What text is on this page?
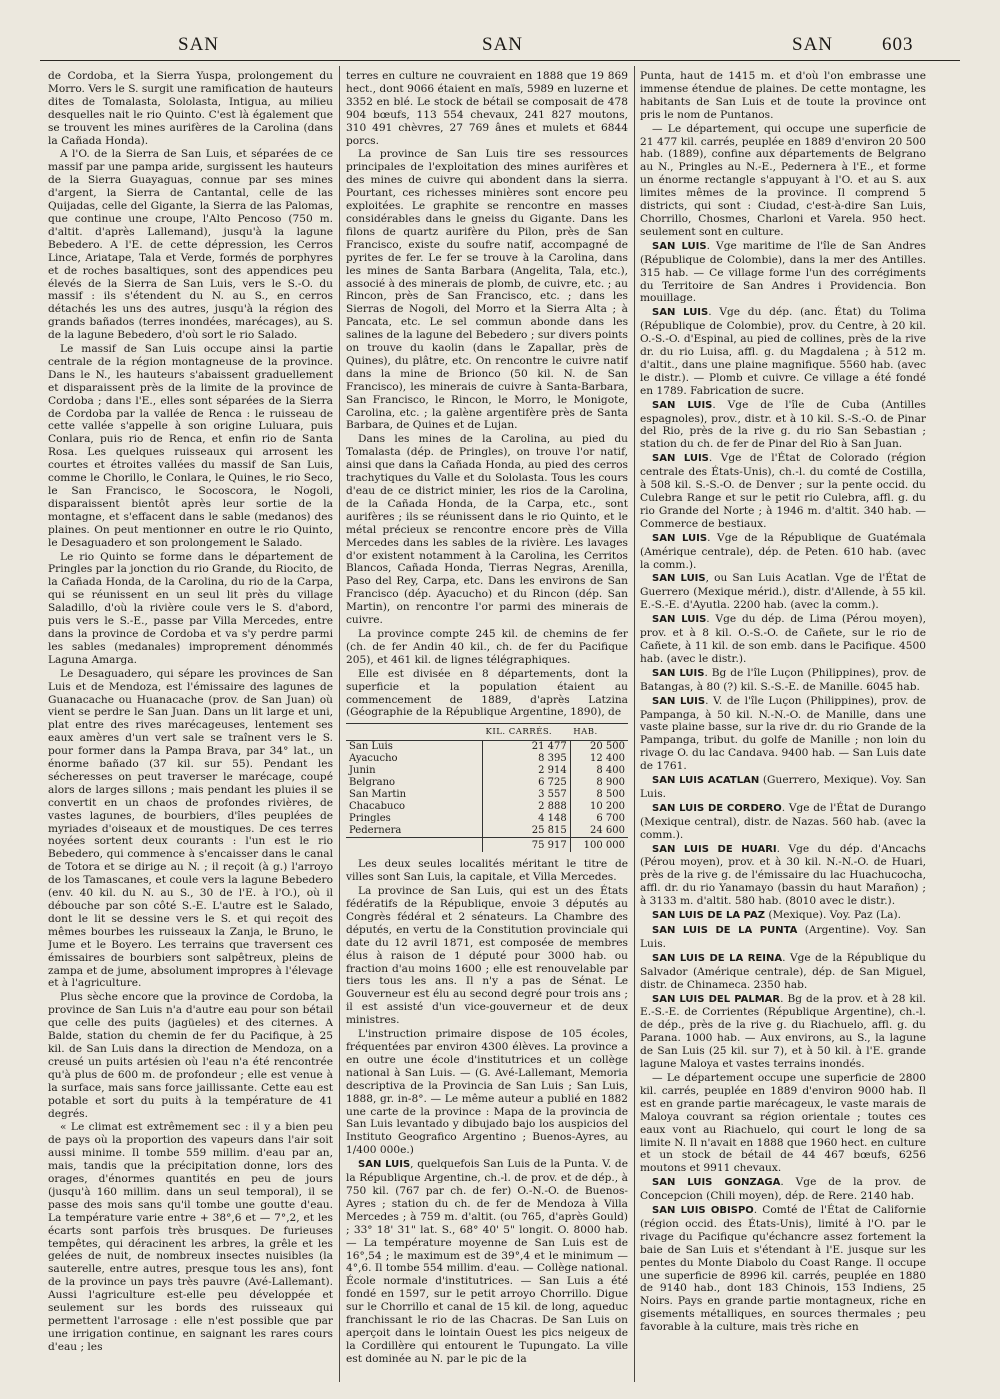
SAN	SAN	SAN	603

de Cordoba, et la Sierra Yuspa, prolongement du Morro. Vers le S. surgit une ramification de hauteurs dites de Tomalasta, Sololasta, Intigua, au milieu desquelles nait le rio Quinto. C'est là également que se trouvent les mines aurifères de la Carolina (dans la Cañada Honda).

A l'O. de la Sierra de San Luis, et séparées de ce massif par une pampa aride, surgissent les hauteurs de la Sierra Guayaguas, connue par ses mines d'argent, la Sierra de Cantantal, celle de las Quijadas, celle del Gigante, la Sierra de las Palomas, que continue une croupe, l'Alto Pencoso (750 m. d'altit. d'après Lallemand), jusqu'à la lagune Bebedero. A l'E. de cette dépression, les Cerros Lince, Ariatape, Tala et Verde, formés de porphyres et de roches basaltiques, sont des appendices peu élevés de la Sierra de San Luis, vers le S.-O. du massif : ils s'étendent du N. au S., en cerros détachés les uns des autres, jusqu'à la région des grands bañados (terres inondées, marécages), au S. de la lagune Bebedero, d'où sort le rio Salado.

Le massif de San Luis occupe ainsi la partie centrale de la région montagneuse de la province. Dans le N., les hauteurs s'abaissent graduellement et disparaissent près de la limite de la province de Cordoba ; dans l'E., elles sont séparées de la Sierra de Cordoba par la vallée de Renca : le ruisseau de cette vallée s'appelle à son origine Luluara, puis Conlara, puis rio de Renca, et enfin rio de Santa Rosa. Les quelques ruisseaux qui arrosent les courtes et étroites vallées du massif de San Luis, comme le Chorillo, le Conlara, le Quines, le rio Seco, le San Francisco, le Socoscora, le Nogoli, disparaissent bientôt après leur sortie de la montagne, et s'effacent dans le sable (medanos) des plaines. On peut mentionner en outre le rio Quinto, le Desaguadero et son prolongement le Salado.

Le rio Quinto se forme dans le département de Pringles par la jonction du rio Grande, du Riocito, de la Cañada Honda, de la Carolina, du rio de la Carpa, qui se réunissent en un seul lit près du village Saladillo, d'où la rivière coule vers le S. d'abord, puis vers le S.-E., passe par Villa Mercedes, entre dans la province de Cordoba et va s'y perdre parmi les sables (medanales) improprement dénommés Laguna Amarga.

Le Desaguadero, qui sépare les provinces de San Luis et de Mendoza, est l'émissaire des lagunes de Guanacache ou Huanacache (prov. de San Juan) où vient se perdre le San Juan. Dans un lit large et uni, plat entre des rives marécageuses, lentement ses eaux amères d'un vert sale se traînent vers le S. pour former dans la Pampa Brava, par 34° lat., un énorme bañado (37 kil. sur 55). Pendant les sécheresses on peut traverser le marécage, coupé alors de larges sillons ; mais pendant les pluies il se convertit en un chaos de profondes rivières, de vastes lagunes, de bourbiers, d'îles peuplées de myriades d'oiseaux et de moustiques. De ces terres noyées sortent deux courants : l'un est le rio Bebedero, qui commence à s'encaisser dans le canal de Totora et se dirige au N. ; il reçoit (à g.) l'arroyo de los Tamascanes, et coule vers la lagune Bebedero (env. 40 kil. du N. au S., 30 de l'E. à l'O.), où il débouche par son côté S.-E. L'autre est le Salado, dont le lit se dessine vers le S. et qui reçoit des mêmes bourbes les ruisseaux la Zanja, le Bruno, le Jume et le Boyero. Les terrains que traversent ces émissaires de bourbiers sont salpêtreux, pleins de zampa et de jume, absolument impropres à l'élevage et à l'agriculture.

Plus sèche encore que la province de Cordoba, la province de San Luis n'a d'autre eau pour son bétail que celle des puits (jagüeles) et des citernes. A Balde, station du chemin de fer du Pacifique, à 25 kil. de San Luis dans la direction de Mendoza, on a creusé un puits artésien où l'eau n'a été rencontrée qu'à plus de 600 m. de profondeur ; elle est venue à la surface, mais sans force jaillissante. Cette eau est potable et sort du puits à la température de 41 degrés.

« Le climat est extrêmement sec : il y a bien peu de pays où la proportion des vapeurs dans l'air soit aussi minime. Il tombe 559 millim. d'eau par an, mais, tandis que la précipitation donne, lors des orages, d'énormes quantités en peu de jours (jusqu'à 160 millim. dans un seul temporal), il se passe des mois sans qu'il tombe une goutte d'eau. La température varie entre + 38°,6 et — 7°,2, et les écarts sont parfois très brusques. De furieuses tempêtes, qui déracinent les arbres, la grêle et les gelées de nuit, de nombreux insectes nuisibles (la sauterelle, entre autres, presque tous les ans), font de la province un pays très pauvre (Avé-Lallemant). Aussi l'agriculture est-elle peu développée et seulement sur les bords des ruisseaux qui permettent l'arrosage : elle n'est possible que par une irrigation continue, en saignant les rares cours d'eau ; les

terres en culture ne couvraient en 1888 que 19 869 hect., dont 9066 étaient en maïs, 5989 en luzerne et 3352 en blé. Le stock de bétail se composait de 478 904 bœufs, 113 554 chevaux, 241 827 moutons, 310 491 chèvres, 27 769 ânes et mulets et 6844 porcs.

La province de San Luis tire ses ressources principales de l'exploitation des mines aurifères et des mines de cuivre qui abondent dans la sierra. Pourtant, ces richesses minières sont encore peu exploitées. Le graphite se rencontre en masses considérables dans le gneiss du Gigante. Dans les filons de quartz aurifère du Pilon, près de San Francisco, existe du soufre natif, accompagné de pyrites de fer. Le fer se trouve à la Carolina, dans les mines de Santa Barbara (Angelita, Tala, etc.), associé à des minerais de plomb, de cuivre, etc. ; au Rincon, près de San Francisco, etc. ; dans les Sierras de Nogoli, del Morro et la Sierra Alta ; à Pancata, etc. Le sel commun abonde dans les salines de la lagune del Bebedero ; sur divers points on trouve du kaolin (dans le Zapallar, près de Quines), du plâtre, etc. On rencontre le cuivre natif dans la mine de Brionco (50 kil. N. de San Francisco), les minerais de cuivre à Santa-Barbara, San Francisco, le Rincon, le Morro, le Monigote, Carolina, etc. ; la galène argentifère près de Santa Barbara, de Quines et de Lujan.

Dans les mines de la Carolina, au pied du Tomalasta (dép. de Pringles), on trouve l'or natif, ainsi que dans la Cañada Honda, au pied des cerros trachytiques du Valle et du Sololasta. Tous les cours d'eau de ce district minier, les rios de la Carolina, de la Cañada Honda, de la Carpa, etc., sont aurifères ; ils se réunissent dans le rio Quinto, et le métal précieux se rencontre encore près de Villa Mercedes dans les sables de la rivière. Les lavages d'or existent notamment à la Carolina, les Cerritos Blancos, Cañada Honda, Tierras Negras, Arenilla, Paso del Rey, Carpa, etc. Dans les environs de San Francisco (dép. Ayacucho) et du Rincon (dép. San Martin), on rencontre l'or parmi des minerais de cuivre.

La province compte 245 kil. de chemins de fer (ch. de fer Andin 40 kil., ch. de fer du Pacifique 205), et 461 kil. de lignes télégraphiques.

Elle est divisée en 8 départements, dont la superficie et la population étaient au commencement de 1889, d'après Latzina (Géographie de la République Argentine, 1890), de

	KIL. CARRÉS.	HAB.
San Luis	21 477	20 500
Ayacucho	8 395	12 400
Junin	2 914	8 400
Belgrano	6 725	8 900
San Martin	3 557	8 500
Chacabuco	2 888	10 200
Pringles	4 148	6 700
Pedernera	25 815	24 600
	75 917	100 000

Les deux seules localités méritant le titre de villes sont San Luis, la capitale, et Villa Mercedes.

La province de San Luis, qui est un des États fédératifs de la République, envoie 3 députés au Congrès fédéral et 2 sénateurs. La Chambre des députés, en vertu de la Constitution provinciale qui date du 12 avril 1871, est composée de membres élus à raison de 1 député pour 3000 hab. ou fraction d'au moins 1600 ; elle est renouvelable par tiers tous les ans. Il n'y a pas de Sénat. Le Gouverneur est élu au second degré pour trois ans ; il est assisté d'un vice-gouverneur et de deux ministres.

L'instruction primaire dispose de 105 écoles, fréquentées par environ 4300 élèves. La province a en outre une école d'institutrices et un collège national à San Luis. — (G. Avé-Lallemant, Memoria descriptiva de la Provincia de San Luis ; San Luis, 1888, gr. in-8°. — Le même auteur a publié en 1882 une carte de la province : Mapa de la provincia de San Luis levantado y dibujado bajo los auspicios del Instituto Geografico Argentino ; Buenos-Ayres, au 1/400 000e.)

SAN LUIS, quelquefois San Luis de la Punta. V. de la République Argentine, ch.-l. de prov. et de dép., à 750 kil. (767 par ch. de fer) O.-N.-O. de Buenos-Ayres ; station du ch. de fer de Mendoza à Villa Mercedes ; à 759 m. d'altit. (ou 765, d'après Gould) ; 33° 18' 31" lat. S., 68° 40' 5" longit. O. 8000 hab. — La température moyenne de San Luis est de 16°,54 ; le maximum est de 39°,4 et le minimum — 4°,6. Il tombe 554 millim. d'eau. — Collège national. École normale d'institutrices. — San Luis a été fondé en 1597, sur le petit arroyo Chorrillo. Digue sur le Chorrillo et canal de 15 kil. de long, aqueduc franchissant le rio de las Chacras. De San Luis on aperçoit dans le lointain Ouest les pics neigeux de la Cordillère qui entourent le Tupungato. La ville est dominée au N. par le pic de la

Punta, haut de 1415 m. et d'où l'on embrasse une immense étendue de plaines. De cette montagne, les habitants de San Luis et de toute la province ont pris le nom de Puntanos.

— Le département, qui occupe une superficie de 21 477 kil. carrés, peuplée en 1889 d'environ 20 500 hab. (1889), confine aux départements de Belgrano au N., Pringles au N.-E., Pedernera à l'E., et forme un énorme rectangle s'appuyant à l'O. et au S. aux limites mêmes de la province. Il comprend 5 districts, qui sont : Ciudad, c'est-à-dire San Luis, Chorrillo, Chosmes, Charloni et Varela. 950 hect. seulement sont en culture.

SAN LUIS. Vge maritime de l'île de San Andres (République de Colombie), dans la mer des Antilles. 315 hab. — Ce village forme l'un des corrégiments du Territoire de San Andres i Providencia. Bon mouillage.

SAN LUIS. Vge du dép. (anc. État) du Tolima (République de Colombie), prov. du Centre, à 20 kil. O.-S.-O. d'Espinal, au pied de collines, près de la rive dr. du rio Luisa, affl. g. du Magdalena ; à 512 m. d'altit., dans une plaine magnifique. 5560 hab. (avec le distr.). — Plomb et cuivre. Ce village a été fondé en 1789. Fabrication de sucre.

SAN LUIS. Vge de l'île de Cuba (Antilles espagnoles), prov., distr. et à 10 kil. S.-S.-O. de Pinar del Rio, près de la rive g. du rio San Sebastian ; station du ch. de fer de Pinar del Rio à San Juan.

SAN LUIS. Vge de l'État de Colorado (région centrale des États-Unis), ch.-l. du comté de Costilla, à 508 kil. S.-S.-O. de Denver ; sur la pente occid. du Culebra Range et sur le petit rio Culebra, affl. g. du rio Grande del Norte ; à 1946 m. d'altit. 340 hab. — Commerce de bestiaux.

SAN LUIS. Vge de la République de Guatémala (Amérique centrale), dép. de Peten. 610 hab. (avec la comm.).

SAN LUIS, ou San Luis Acatlan. Vge de l'État de Guerrero (Mexique mérid.), distr. d'Allende, à 55 kil. E.-S.-E. d'Ayutla. 2200 hab. (avec la comm.).

SAN LUIS. Vge du dép. de Lima (Pérou moyen), prov. et à 8 kil. O.-S.-O. de Cañete, sur le rio de Cañete, à 11 kil. de son emb. dans le Pacifique. 4500 hab. (avec le distr.).

SAN LUIS. Bg de l'île Luçon (Philippines), prov. de Batangas, à 80 (?) kil. S.-S.-E. de Manille. 6045 hab.

SAN LUIS. V. de l'île Luçon (Philippines), prov. de Pampanga, à 50 kil. N.-N.-O. de Manille, dans une vaste plaine basse, sur la rive dr. du rio Grande de la Pampanga, tribut. du golfe de Manille ; non loin du rivage O. du lac Candava. 9400 hab. — San Luis date de 1761.

SAN LUIS ACATLAN (Guerrero, Mexique). Voy. San Luis.

SAN LUIS DE CORDERO. Vge de l'État de Durango (Mexique central), distr. de Nazas. 560 hab. (avec la comm.).

SAN LUIS DE HUARI. Vge du dép. d'Ancachs (Pérou moyen), prov. et à 30 kil. N.-N.-O. de Huari, près de la rive g. de l'émissaire du lac Huachucocha, affl. dr. du rio Yanamayo (bassin du haut Marañon) ; à 3133 m. d'altit. 580 hab. (8010 avec le distr.).

SAN LUIS DE LA PAZ (Mexique). Voy. Paz (La).

SAN LUIS DE LA PUNTA (Argentine). Voy. San Luis.

SAN LUIS DE LA REINA. Vge de la République du Salvador (Amérique centrale), dép. de San Miguel, distr. de Chinameca. 2350 hab.

SAN LUIS DEL PALMAR. Bg de la prov. et à 28 kil. E.-S.-E. de Corrientes (République Argentine), ch.-l. de dép., près de la rive g. du Riachuelo, affl. g. du Parana. 1000 hab. — Aux environs, au S., la lagune de San Luis (25 kil. sur 7), et à 50 kil. à l'E. grande lagune Maloya et vastes terrains inondés.

— Le département occupe une superficie de 2800 kil. carrés, peuplée en 1889 d'environ 9000 hab. Il est en grande partie marécageux, le vaste marais de Maloya couvrant sa région orientale ; toutes ces eaux vont au Riachuelo, qui court le long de sa limite N. Il n'avait en 1888 que 1960 hect. en culture et un stock de bétail de 44 467 bœufs, 6256 moutons et 9911 chevaux.

SAN LUIS GONZAGA. Vge de la prov. de Concepcion (Chili moyen), dép. de Rere. 2140 hab.

SAN LUIS OBISPO. Comté de l'État de Californie (région occid. des États-Unis), limité à l'O. par le rivage du Pacifique qu'échancre assez fortement la baie de San Luis et s'étendant à l'E. jusque sur les pentes du Monte Diabolo du Coast Range. Il occupe une superficie de 8996 kil. carrés, peuplée en 1880 de 9140 hab., dont 183 Chinois, 153 Indiens, 25 Noirs. Pays en grande partie montagneux, riche en gisements métalliques, en sources thermales ; peu favorable à la culture, mais très riche en
